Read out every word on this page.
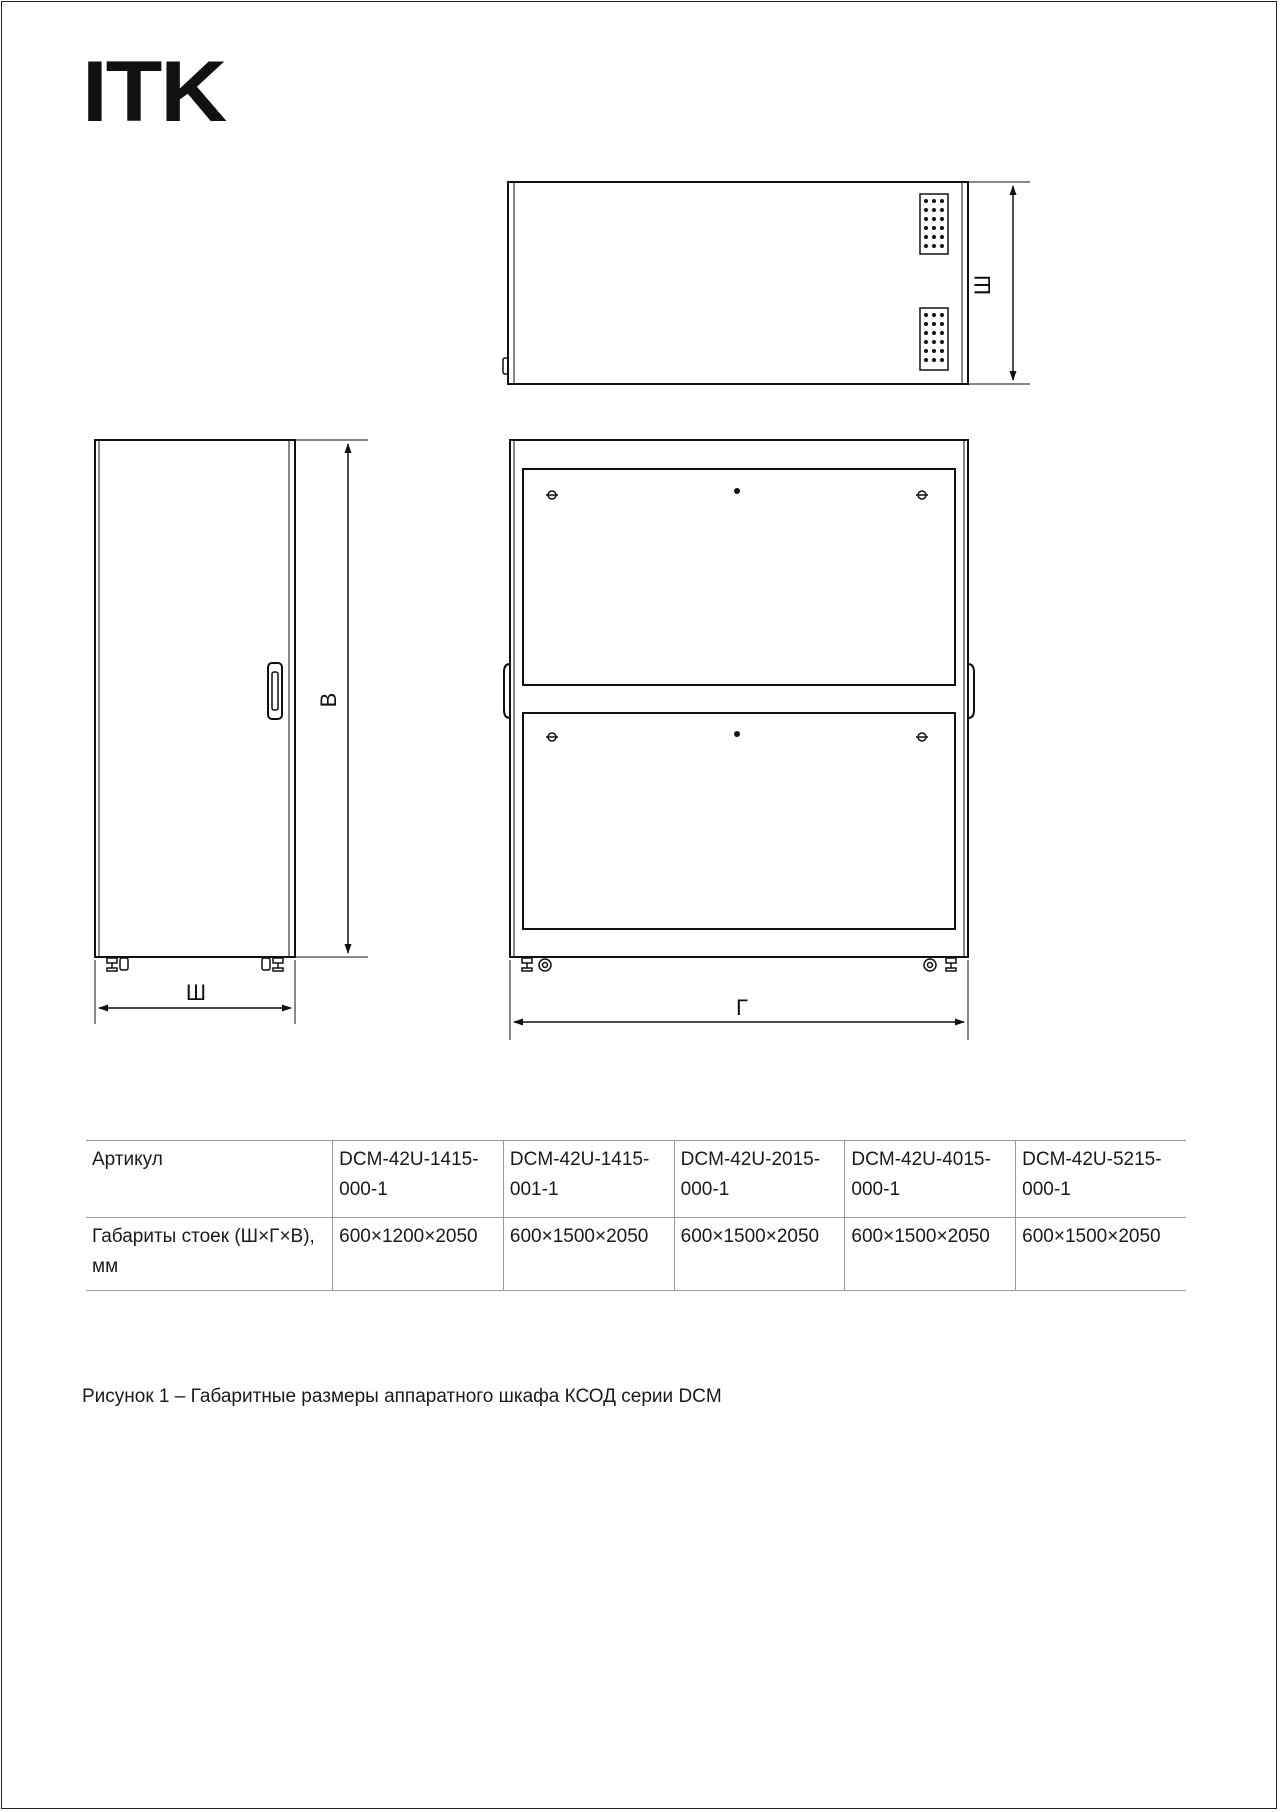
ITK
Ш
В
Ш
Г
Артикул	DCM-42U-1415-000-1	DCM-42U-1415-001-1	DCM-42U-2015-000-1	DCM-42U-4015-000-1	DCM-42U-5215-000-1
Габариты стоек (Ш×Г×В), мм	600×1200×2050	600×1500×2050	600×1500×2050	600×1500×2050	600×1500×2050
Рисунок 1 – Габаритные размеры аппаратного шкафа КСОД серии DCM
